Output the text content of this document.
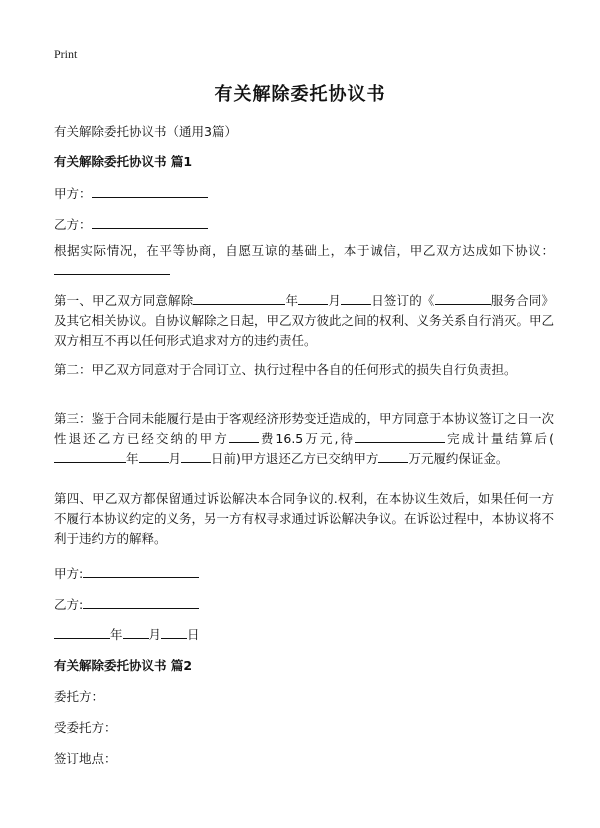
Print
有关解除委托协议书
有关解除委托协议书（通用3篇）
有关解除委托协议书 篇1
甲方：
乙方：
根据实际情况，在平等协商，自愿互谅的基础上，本于诚信，甲乙双方达成如下协议：
第一、甲乙双方同意解除	年 月 日签订的《	服务合同》及其它相关协议。自协议解除之日起，甲乙双方彼此之间的权利、义务关系自行消灭。甲乙双方相互不再以任何形式追求对方的违约责任。
第二：甲乙双方同意对于合同订立、执行过程中各自的任何形式的损失自行负责担。
第三：鉴于合同未能履行是由于客观经济形势变迁造成的，甲方同意于本协议签订之日一次性退还乙方已经交纳的甲方 费16.5万元,待	完成计量结算后(年 月 日前)甲方退还乙方已交纳甲方 万元履约保证金。
第四、甲乙双方都保留通过诉讼解决本合同争议的.权利，在本协议生效后，如果任何一方不履行本协议约定的义务，另一方有权寻求通过诉讼解决争议。在诉讼过程中，本协议将不利于违约方的解释。
甲方:
乙方:
年 月 日
有关解除委托协议书 篇2
委托方：
受委托方：
签订地点：
